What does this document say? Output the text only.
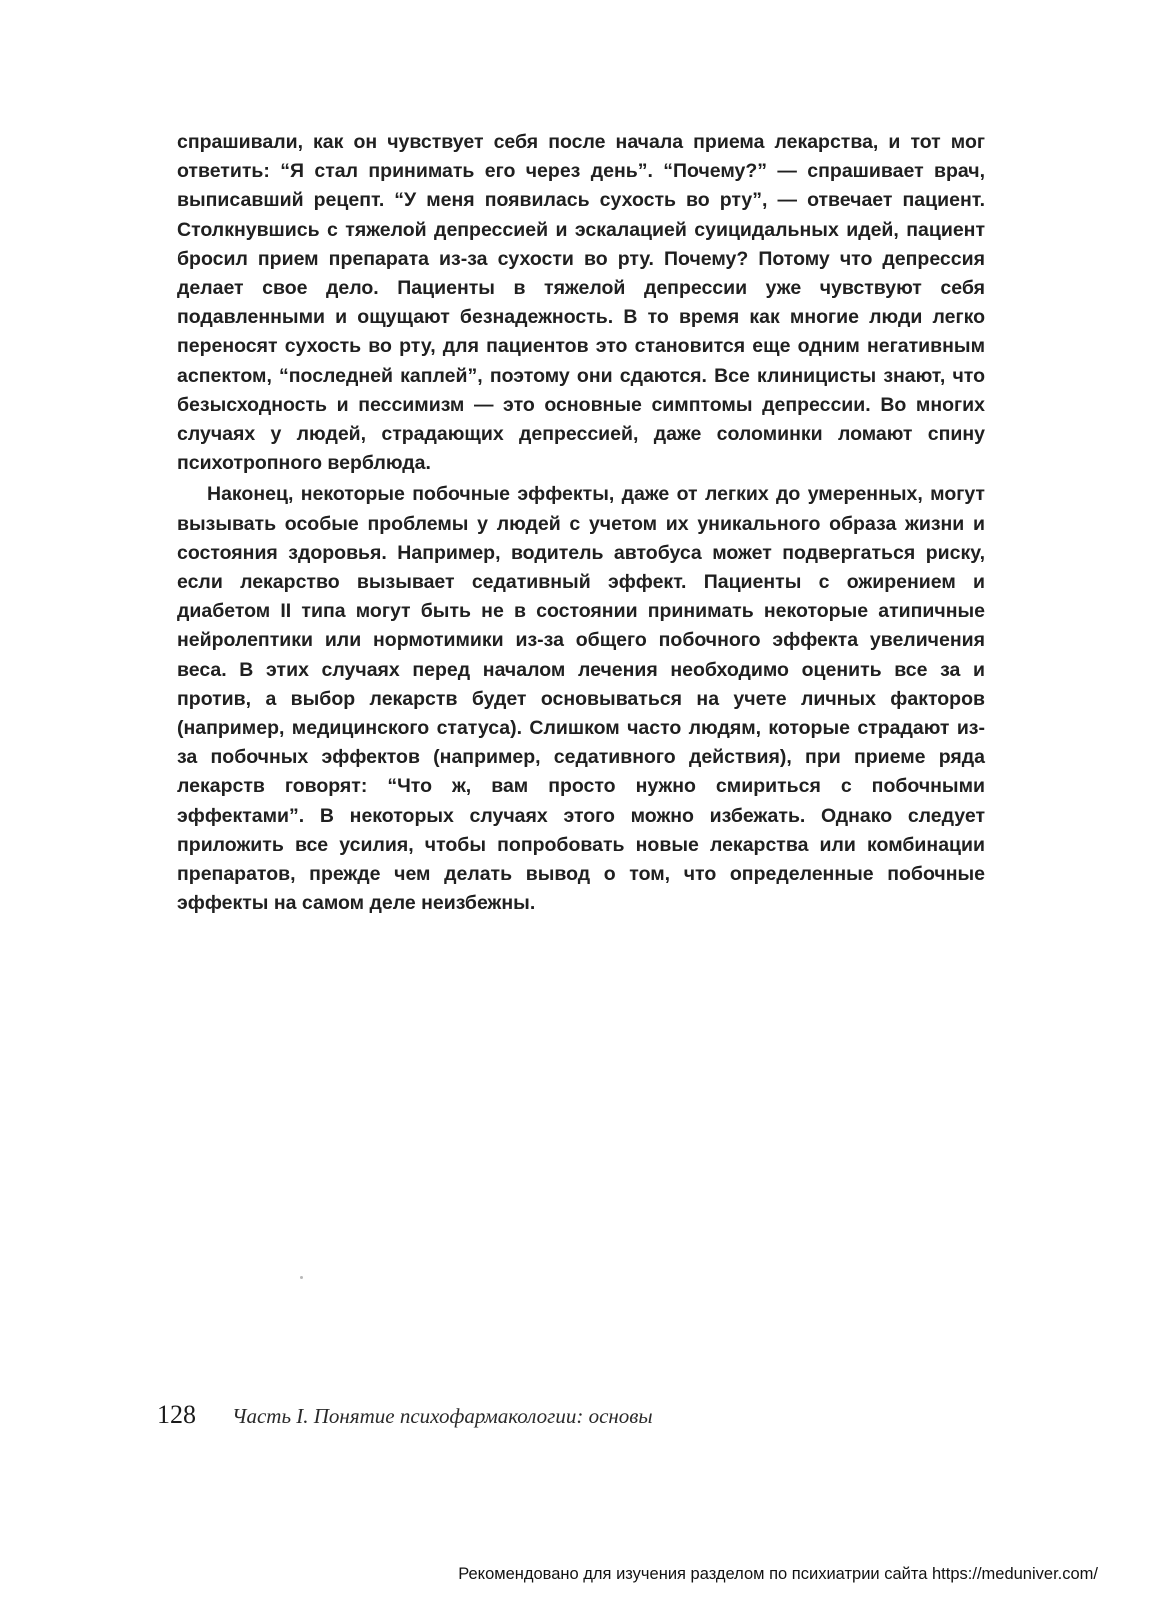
спрашивали, как он чувствует себя после начала приема лекарства, и тот мог ответить: “Я стал принимать его через день”. “Почему?” — спрашивает врач, выписавший рецепт. “У меня появилась сухость во рту”, — отвечает пациент. Столкнувшись с тяжелой депрессией и эскалацией суицидальных идей, пациент бросил прием препарата из-за сухости во рту. Почему? Потому что депрессия делает свое дело. Пациенты в тяжелой депрессии уже чувствуют себя подавленными и ощущают безнадежность. В то время как многие люди легко переносят сухость во рту, для пациентов это становится еще одним негативным аспектом, “последней каплей”, поэтому они сдаются. Все клиницисты знают, что безысходность и пессимизм — это основные симптомы депрессии. Во многих случаях у людей, страдающих депрессией, даже соломинки ломают спину психотропного верблюда.

Наконец, некоторые побочные эффекты, даже от легких до умеренных, могут вызывать особые проблемы у людей с учетом их уникального образа жизни и состояния здоровья. Например, водитель автобуса может подвергаться риску, если лекарство вызывает седативный эффект. Пациенты с ожирением и диабетом II типа могут быть не в состоянии принимать некоторые атипичные нейролептики или нормотимики из-за общего побочного эффекта увеличения веса. В этих случаях перед началом лечения необходимо оценить все за и против, а выбор лекарств будет основываться на учете личных факторов (например, медицинского статуса). Слишком часто людям, которые страдают из-за побочных эффектов (например, седативного действия), при приеме ряда лекарств говорят: “Что ж, вам просто нужно смириться с побочными эффектами”. В некоторых случаях этого можно избежать. Однако следует приложить все усилия, чтобы попробовать новые лекарства или комбинации препаратов, прежде чем делать вывод о том, что определенные побочные эффекты на самом деле неизбежны.

128 Часть I. Понятие психофармакологии: основы
Рекомендовано для изучения разделом по психиатрии сайта https://meduniver.com/
